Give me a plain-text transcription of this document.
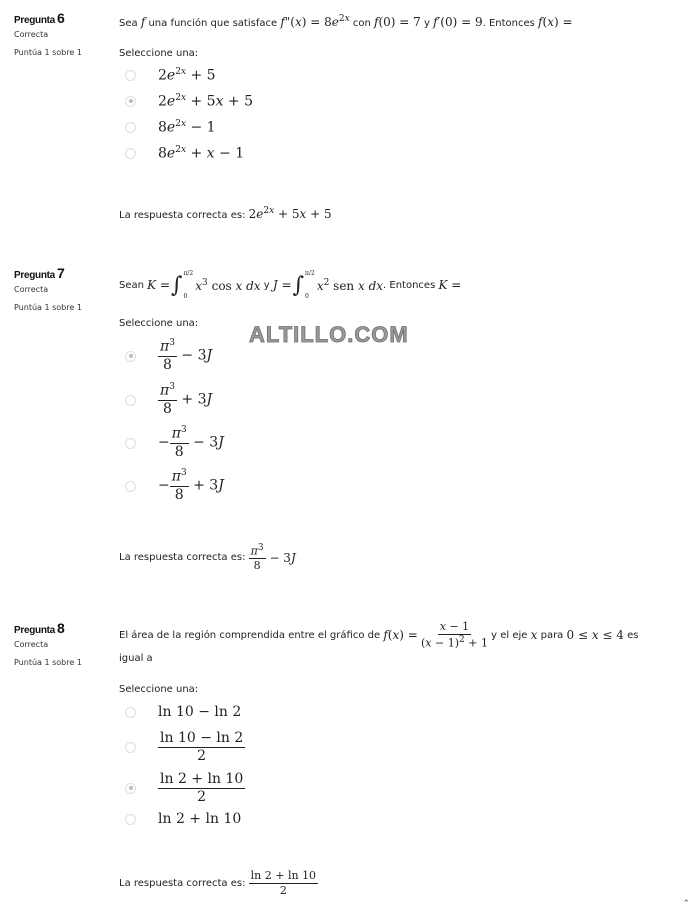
ALTILLO.COM
Pregunta 6
Correcta
Puntúa 1 sobre 1
Sea f una función que satisface f"(x) = $8e^{2x}$ con f(0) = 7 y f′(0) = 9. Entonces f(x) =
Seleccione una:
$2e^{2x} + 5$
$2e^{2x} + 5x + 5$
$8e^{2x} - 1$
$8e^{2x} + x - 1$
La respuesta correcta es: $2e^{2x} + 5x + 5$
Pregunta 7
Correcta
Puntúa 1 sobre 1
Sean
K = ∫ π/2
0
$x^3$ cos x dx
y
J = ∫ π/2
0
$x^2$ sen x dx . Entonces
K =
Seleccione una:
$\frac{\pi^3}{8} - 3J$
$\frac{\pi^3}{8} + 3J$
− $\frac{\pi^3}{8} - 3J$
− $\frac{\pi^3}{8} + 3J$
La respuesta correcta es:
$\frac{\pi^3}{8} - 3$ J
Pregunta 8
Correcta
Puntúa 1 sobre 1
El área de la región comprendida entre el gráfico de
f(x) =
$\frac{x - 1}{(x - 1)^2 + 1}$
y el eje
x
para
0 ≤ x ≤ 4
es
igual a
Seleccione una:
ln 10 − ln 2
$\frac{\ln 10 - \ln 2}{2}$
$\frac{\ln 2 + \ln 10}{2}$
ln 2 + ln 10
La respuesta correcta es:
$\frac{\ln 2 + \ln 10}{2}$
⌃
